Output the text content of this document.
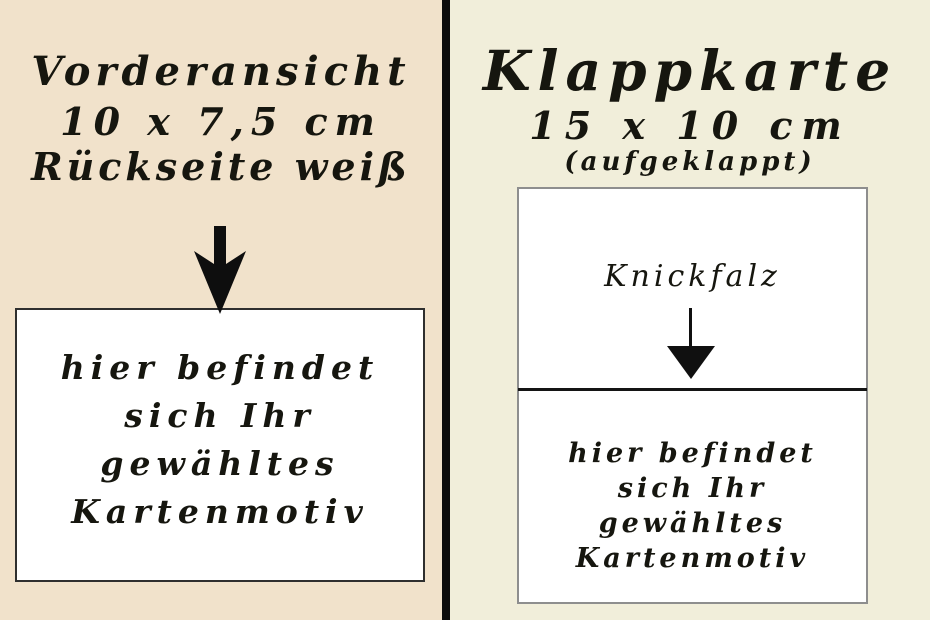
Vorderansicht
10 x 7,5 cm
Rückseite weiß
hier befindet
sich Ihr
gewähltes
Kartenmotiv
Klappkarte
15 x 10 cm
(aufgeklappt)
Knickfalz
hier befindet
sich Ihr
gewähltes
Kartenmotiv
